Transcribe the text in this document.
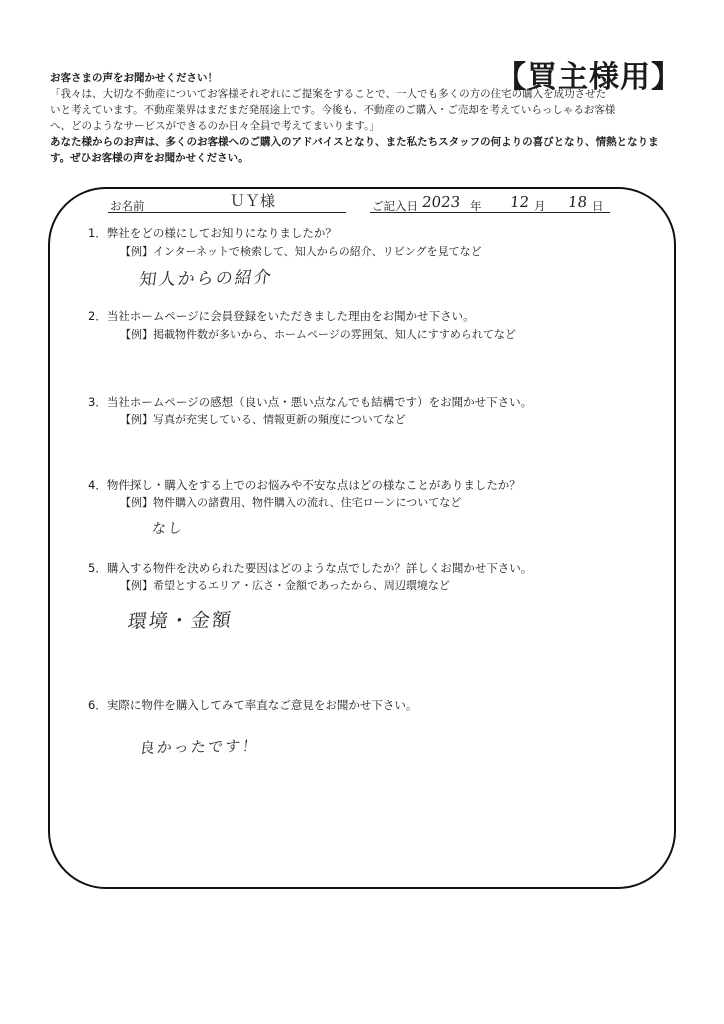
【買主様用】

お客さまの声をお聞かせください！

「我々は、大切な不動産についてお客様それぞれにご提案をすることで、一人でも多くの方の住宅の購入を成功させた

いと考えています。不動産業界はまだまだ発展途上です。今後も、不動産のご購入・ご売却を考えていらっしゃるお客様

へ、どのようなサービスができるのか日々全員で考えてまいります。」

あなた様からのお声は、多くのお客様へのご購入のアドバイスとなり、また私たちスタッフの何よりの喜びとなり、情熱となりま

す。ぜひお客様の声をお聞かせください。

お名前	ＵＹ様	ご記入日 2023 年 12 月 18 日
1．弊社をどの様にしてお知りになりましたか？
【例】インターネットで検索して、知人からの紹介、リビングを見てなど
知人からの紹介
2．当社ホームページに会員登録をいただきました理由をお聞かせ下さい。
【例】掲載物件数が多いから、ホームページの雰囲気、知人にすすめられてなど
3．当社ホームページの感想（良い点・悪い点なんでも結構です）をお聞かせ下さい。
【例】写真が充実している、情報更新の頻度についてなど
4．物件探し・購入をする上でのお悩みや不安な点はどの様なことがありましたか？
【例】物件購入の諸費用、物件購入の流れ、住宅ローンについてなど
なし
5．購入する物件を決められた要因はどのような点でしたか？詳しくお聞かせ下さい。
【例】希望とするエリア・広さ・金額であったから、周辺環境など
環境・金額
6．実際に物件を購入してみて率直なご意見をお聞かせ下さい。
良かったです！
